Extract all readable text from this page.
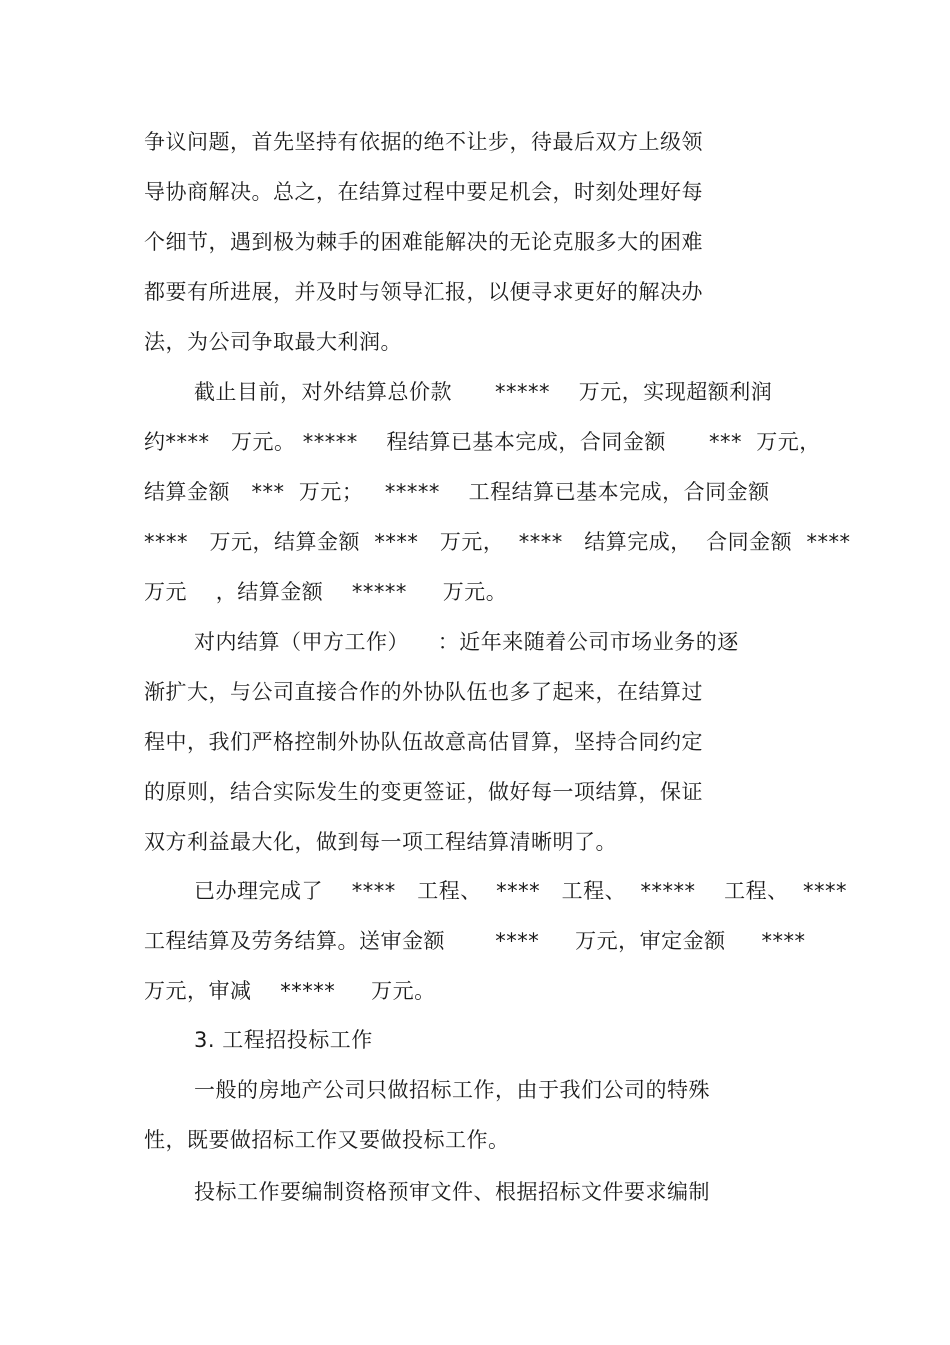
争议问题，首先坚持有依据的绝不让步，待最后双方上级领
导协商解决。总之，在结算过程中要足机会，时刻处理好每
个细节，遇到极为棘手的困难能解决的无论克服多大的困难
都要有所进展，并及时与领导汇报，以便寻求更好的解决办
法，为公司争取最大利润。
截止目前，对外结算总价款      *****    万元，实现超额利润
约****   万元。 *****    程结算已基本完成，合同金额      ***  万元，
结算金额   ***  万元；   *****    工程结算已基本完成，合同金额
****   万元，结算金额  ****   万元，  ****   结算完成，  合同金额  ****
万元    ，结算金额    *****     万元。
对内结算（甲方工作）    ：近年来随着公司市场业务的逐
渐扩大，与公司直接合作的外协队伍也多了起来，在结算过
程中，我们严格控制外协队伍故意高估冒算，坚持合同约定
的原则，结合实际发生的变更签证，做好每一项结算，保证
双方利益最大化，做到每一项工程结算清晰明了。
已办理完成了    ****   工程、  ****   工程、  *****    工程、  ****
工程结算及劳务结算。送审金额       ****     万元，审定金额     ****
万元，审减    *****     万元。
3. 工程招投标工作
一般的房地产公司只做招标工作，由于我们公司的特殊
性，既要做招标工作又要做投标工作。
投标工作要编制资格预审文件、根据招标文件要求编制
